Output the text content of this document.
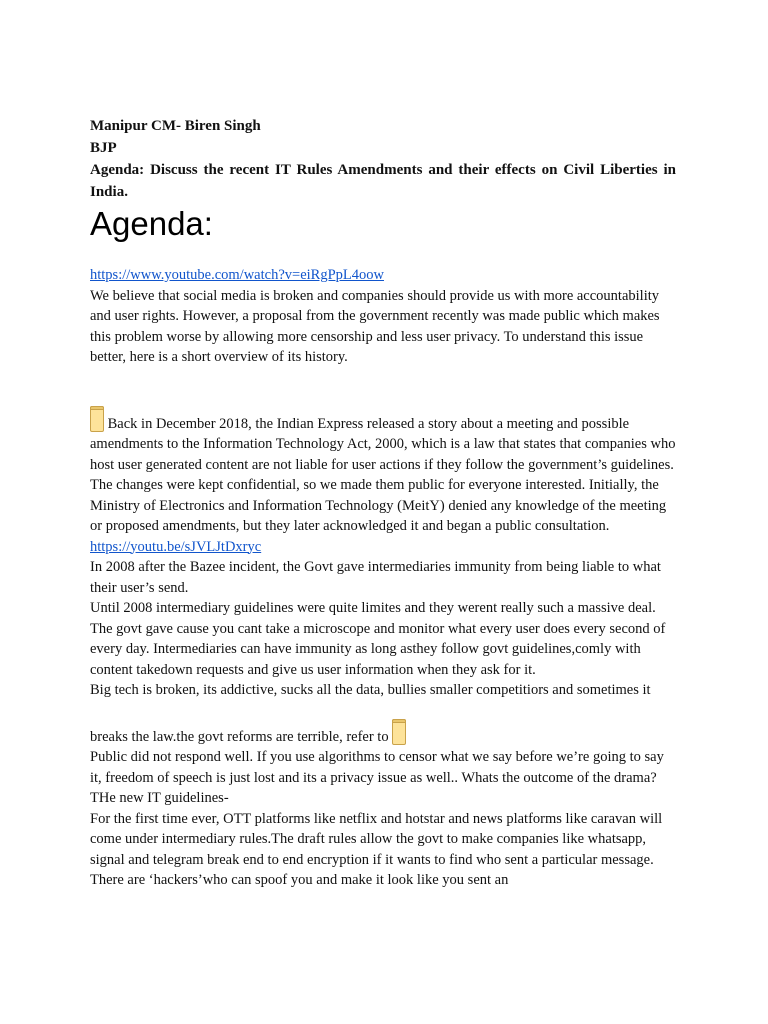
Manipur CM- Biren Singh
BJP
Agenda: Discuss the recent IT Rules Amendments and their effects on Civil Liberties in India.
Agenda:
https://www.youtube.com/watch?v=eiRgPpL4oow

We believe that social media is broken and companies should provide us with more accountability and user rights. However, a proposal from the government recently was made public which makes this problem worse by allowing more censorship and less user privacy. To understand this issue better, here is a short overview of its history.

Back in December 2018, the Indian Express released a story about a meeting and possible amendments to the Information Technology Act, 2000, which is a law that states that companies who host user generated content are not liable for user actions if they follow the government’s guidelines. The changes were kept confidential, so we made them public for everyone interested. Initially, the Ministry of Electronics and Information Technology (MeitY) denied any knowledge of the meeting or proposed amendments, but they later acknowledged it and began a public consultation.

https://youtu.be/sJVLJtDxryc

In 2008 after the Bazee incident, the Govt gave intermediaries immunity from being liable to what their user’s send.

Until 2008 intermediary guidelines were quite limites and they werent really such a massive deal. The govt gave cause you cant take a microscope and monitor what every user does every second of every day. Intermediaries can have immunity as long asthey follow govt guidelines,comly with content takedown requests and give us user information when they ask for it.

Big tech is broken, its addictive, sucks all the data, bullies smaller competitiors and sometimes it

breaks the law.the govt reforms are terrible, refer to

Public did not respond well. If you use algorithms to censor what we say before we’re going to say it, freedom of speech is just lost and its a privacy issue as well.. Whats the outcome of the drama? THe new IT guidelines-

For the first time ever, OTT platforms like netflix and hotstar and news platforms like caravan will come under intermediary rules.The draft rules allow the govt to make companies like whatsapp, signal and telegram break end to end encryption if it wants to find who sent a particular message. There are ‘hackers’who can spoof you and make it look like you sent an
